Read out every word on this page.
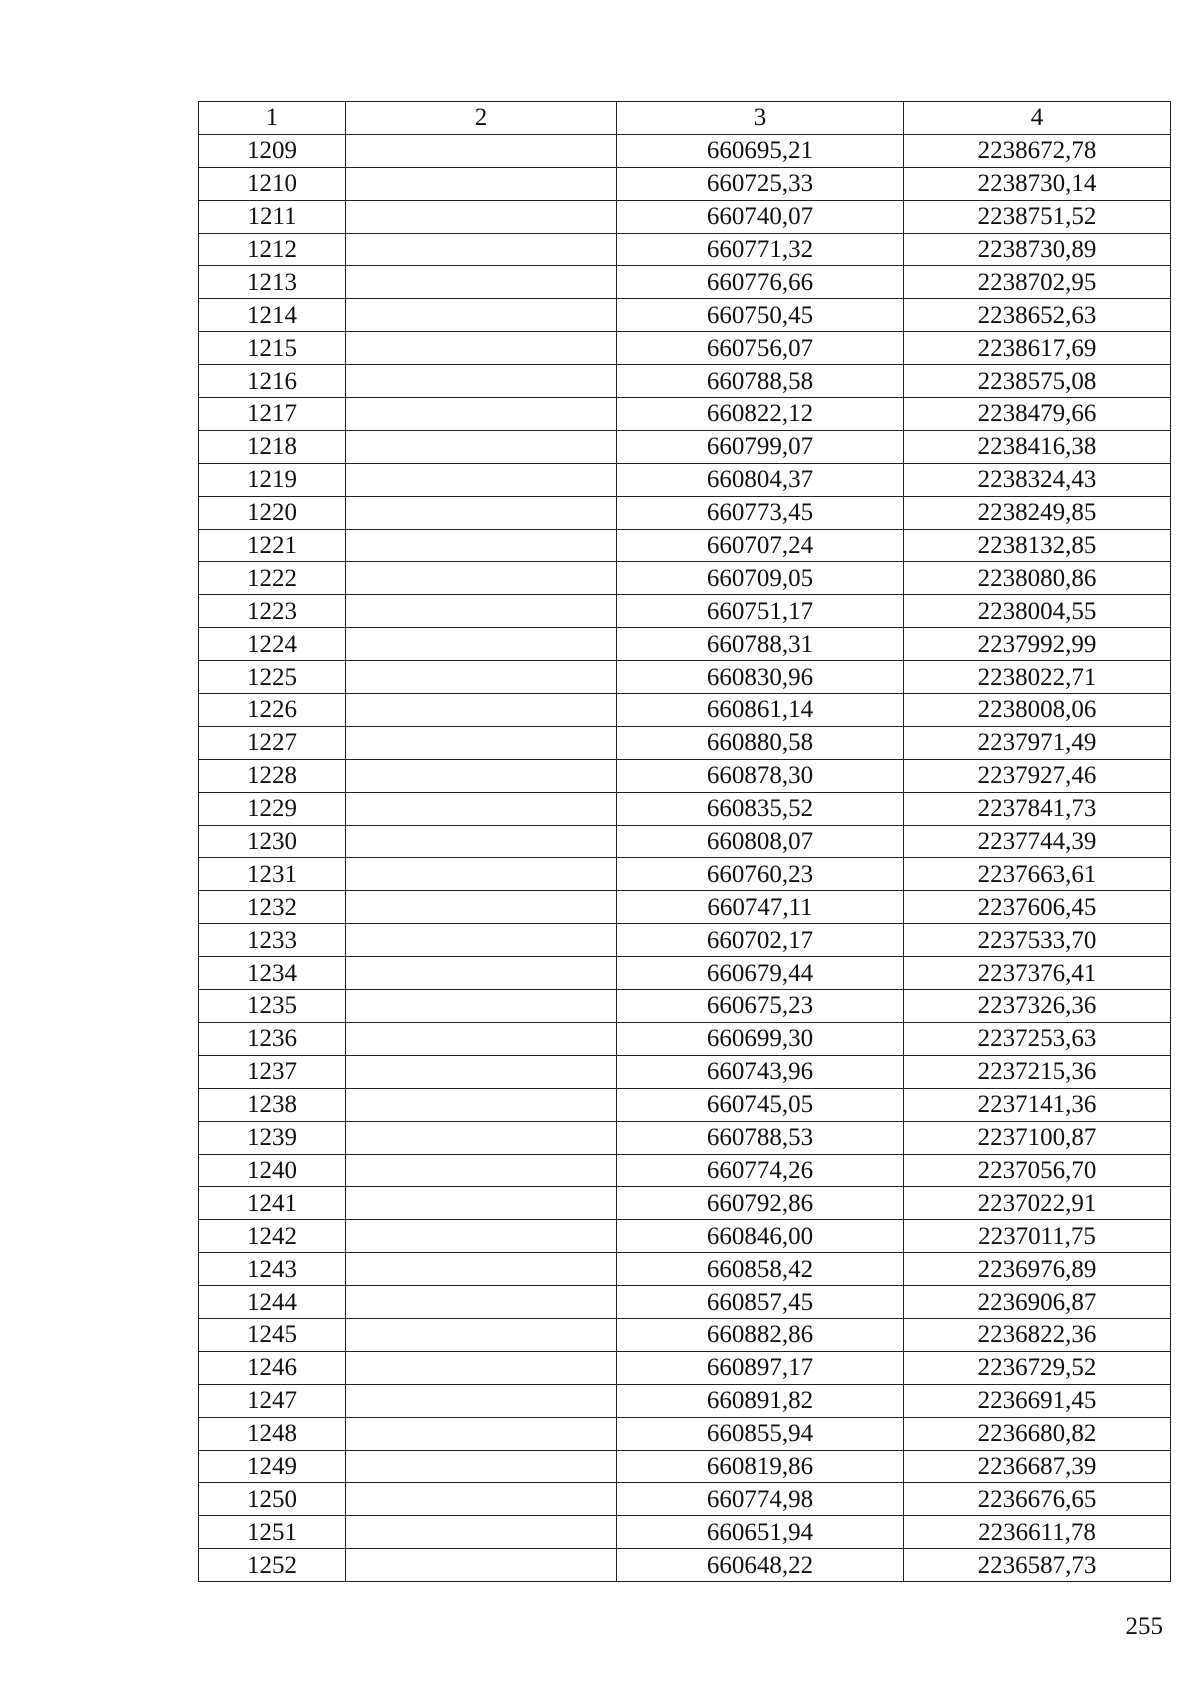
1	2	3	4
1209		660695,21	2238672,78
1210		660725,33	2238730,14
1211		660740,07	2238751,52
1212		660771,32	2238730,89
1213		660776,66	2238702,95
1214		660750,45	2238652,63
1215		660756,07	2238617,69
1216		660788,58	2238575,08
1217		660822,12	2238479,66
1218		660799,07	2238416,38
1219		660804,37	2238324,43
1220		660773,45	2238249,85
1221		660707,24	2238132,85
1222		660709,05	2238080,86
1223		660751,17	2238004,55
1224		660788,31	2237992,99
1225		660830,96	2238022,71
1226		660861,14	2238008,06
1227		660880,58	2237971,49
1228		660878,30	2237927,46
1229		660835,52	2237841,73
1230		660808,07	2237744,39
1231		660760,23	2237663,61
1232		660747,11	2237606,45
1233		660702,17	2237533,70
1234		660679,44	2237376,41
1235		660675,23	2237326,36
1236		660699,30	2237253,63
1237		660743,96	2237215,36
1238		660745,05	2237141,36
1239		660788,53	2237100,87
1240		660774,26	2237056,70
1241		660792,86	2237022,91
1242		660846,00	2237011,75
1243		660858,42	2236976,89
1244		660857,45	2236906,87
1245		660882,86	2236822,36
1246		660897,17	2236729,52
1247		660891,82	2236691,45
1248		660855,94	2236680,82
1249		660819,86	2236687,39
1250		660774,98	2236676,65
1251		660651,94	2236611,78
1252		660648,22	2236587,73
255
